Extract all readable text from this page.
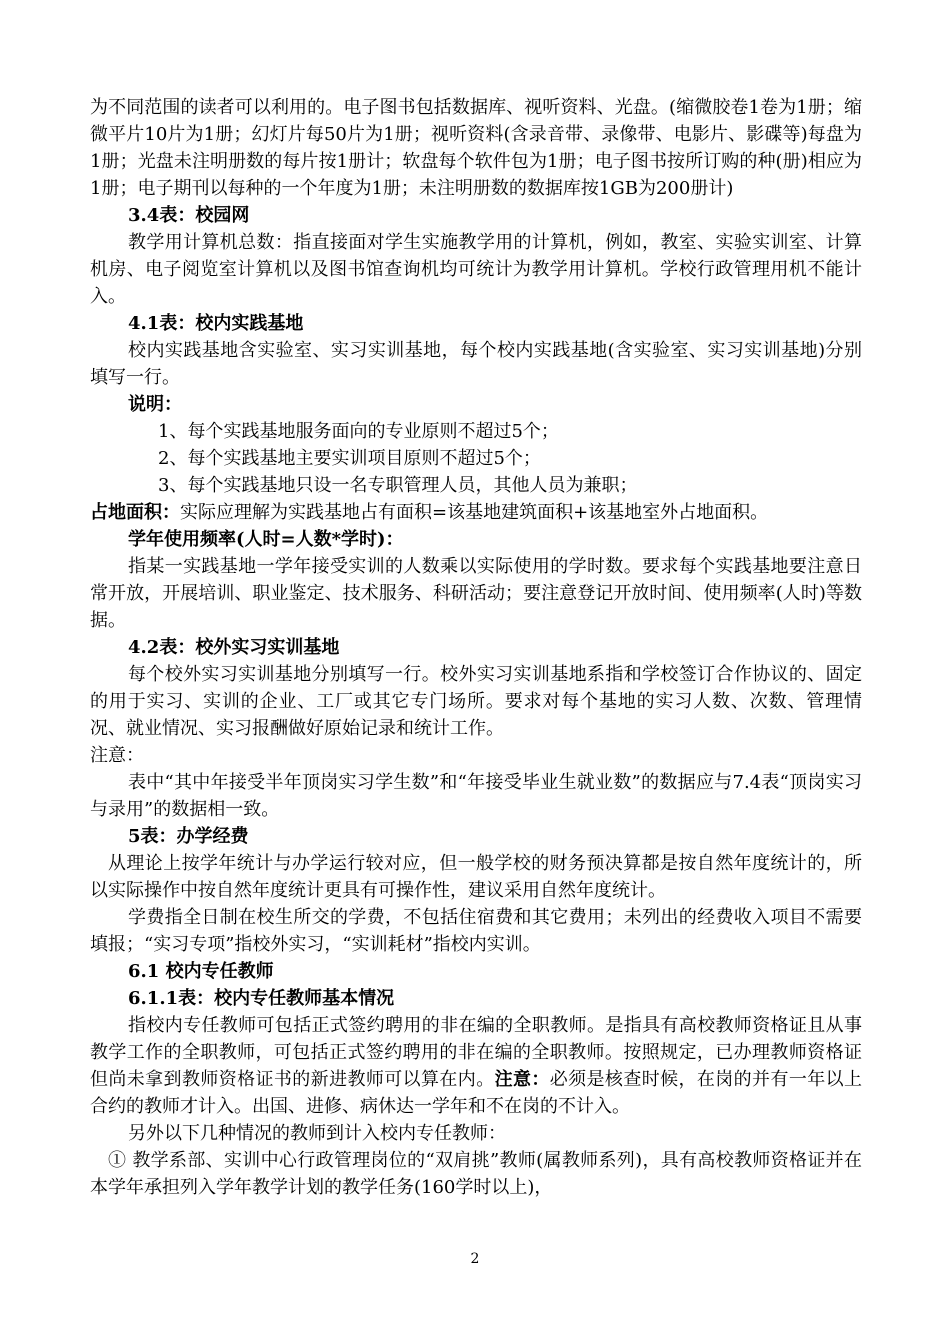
为不同范围的读者可以利用的。电子图书包括数据库、视听资料、光盘。(缩微胶卷1卷为1册；缩微平片10片为1册；幻灯片每50片为1册；视听资料(含录音带、录像带、电影片、影碟等)每盘为1册；光盘未注明册数的每片按1册计；软盘每个软件包为1册；电子图书按所订购的种(册)相应为1册；电子期刊以每种的一个年度为1册；未注明册数的数据库按1GB为200册计)

3.4表：校园网

教学用计算机总数：指直接面对学生实施教学用的计算机，例如，教室、实验实训室、计算机房、电子阅览室计算机以及图书馆查询机均可统计为教学用计算机。学校行政管理用机不能计入。

4.1表：校内实践基地

校内实践基地含实验室、实习实训基地，每个校内实践基地(含实验室、实习实训基地)分别填写一行。

说明：

1、每个实践基地服务面向的专业原则不超过5个；

2、每个实践基地主要实训项目原则不超过5个；

3、每个实践基地只设一名专职管理人员，其他人员为兼职；

占地面积：实际应理解为实践基地占有面积=该基地建筑面积+该基地室外占地面积。

学年使用频率(人时=人数*学时)：

指某一实践基地一学年接受实训的人数乘以实际使用的学时数。要求每个实践基地要注意日常开放，开展培训、职业鉴定、技术服务、科研活动；要注意登记开放时间、使用频率(人时)等数据。

4.2表：校外实习实训基地

每个校外实习实训基地分别填写一行。校外实习实训基地系指和学校签订合作协议的、固定的用于实习、实训的企业、工厂或其它专门场所。要求对每个基地的实习人数、次数、管理情况、就业情况、实习报酬做好原始记录和统计工作。

注意：

表中“其中年接受半年顶岗实习学生数”和“年接受毕业生就业数”的数据应与7.4表“顶岗实习与录用”的数据相一致。

5表：办学经费

从理论上按学年统计与办学运行较对应，但一般学校的财务预决算都是按自然年度统计的，所以实际操作中按自然年度统计更具有可操作性，建议采用自然年度统计。

学费指全日制在校生所交的学费，不包括住宿费和其它费用；未列出的经费收入项目不需要填报；“实习专项”指校外实习，“实训耗材”指校内实训。

6.1 校内专任教师

6.1.1表：校内专任教师基本情况

指校内专任教师可包括正式签约聘用的非在编的全职教师。是指具有高校教师资格证且从事教学工作的全职教师，可包括正式签约聘用的非在编的全职教师。按照规定，已办理教师资格证但尚未拿到教师资格证书的新进教师可以算在内。注意：必须是核查时候，在岗的并有一年以上合约的教师才计入。出国、进修、病休达一学年和不在岗的不计入。

另外以下几种情况的教师到计入校内专任教师：

① 教学系部、实训中心行政管理岗位的“双肩挑”教师(属教师系列)，具有高校教师资格证并在本学年承担列入学年教学计划的教学任务(160学时以上)，

2
